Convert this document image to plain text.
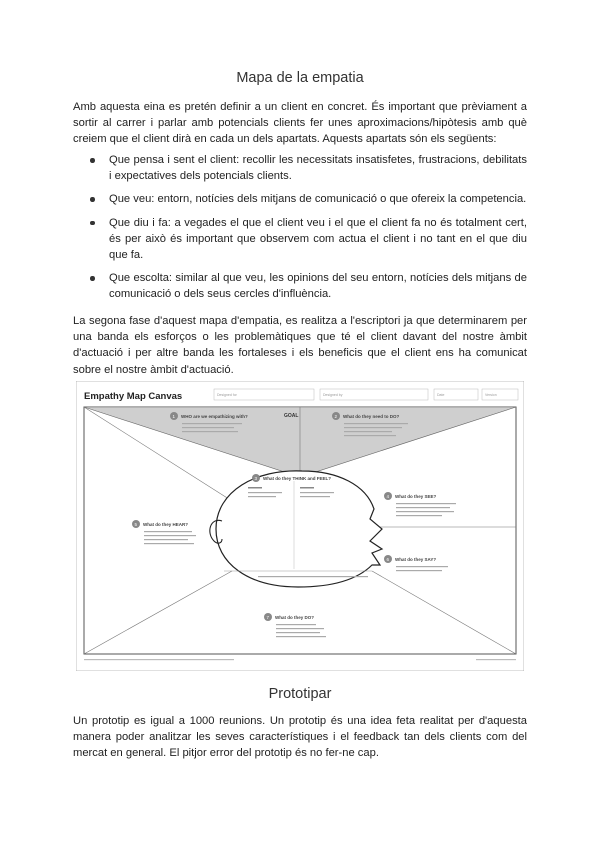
Mapa de la empatia

Amb aquesta eina es pretén definir a un client en concret. És important que prèviament a sortir al carrer i parlar amb potencials clients fer unes aproximacions/hipòtesis amb què creiem que el client dirà en cada un dels apartats. Aquests apartats són els següents:

Que pensa i sent el client: recollir les necessitats insatisfetes, frustracions, debilitats i expectatives dels potencials clients.
Que veu: entorn, notícies dels mitjans de comunicació o que ofereix la competencia.
Que diu i fa: a vegades el que el client veu i el que el client fa no és totalment cert, és per això és important que observem com actua el client i no tant en el que diu que fa.
Que escolta: similar al que veu, les opinions del seu entorn, notícies dels mitjans de comunicació o dels seus cercles d'influència.

La segona fase d'aquest mapa d'empatia, es realitza a l'escriptori ja que determinarem per una banda els esforços o les problemàtiques que té el client davant del nostre àmbit d'actuació i per altre banda les fortaleses i els beneficis que el client ens ha comunicat sobre el nostre àmbit d'actuació.

Empathy Map Canvas	Designed for	Designed by	Date	Version
GOAL
1 WHO are we empathizing with?	2 What do they need to DO?
3 What do they THINK and FEEL?
4 What do they SEE?
5 What do they HEAR?
6 What do they SAY?
7 What do they DO?
Prototipar

Un prototip es igual a 1000 reunions. Un prototip és una idea feta realitat per d'aquesta manera poder analitzar les seves característiques i el feedback tan dels clients com del mercat en general. El pitjor error del prototip és no fer-ne cap.
